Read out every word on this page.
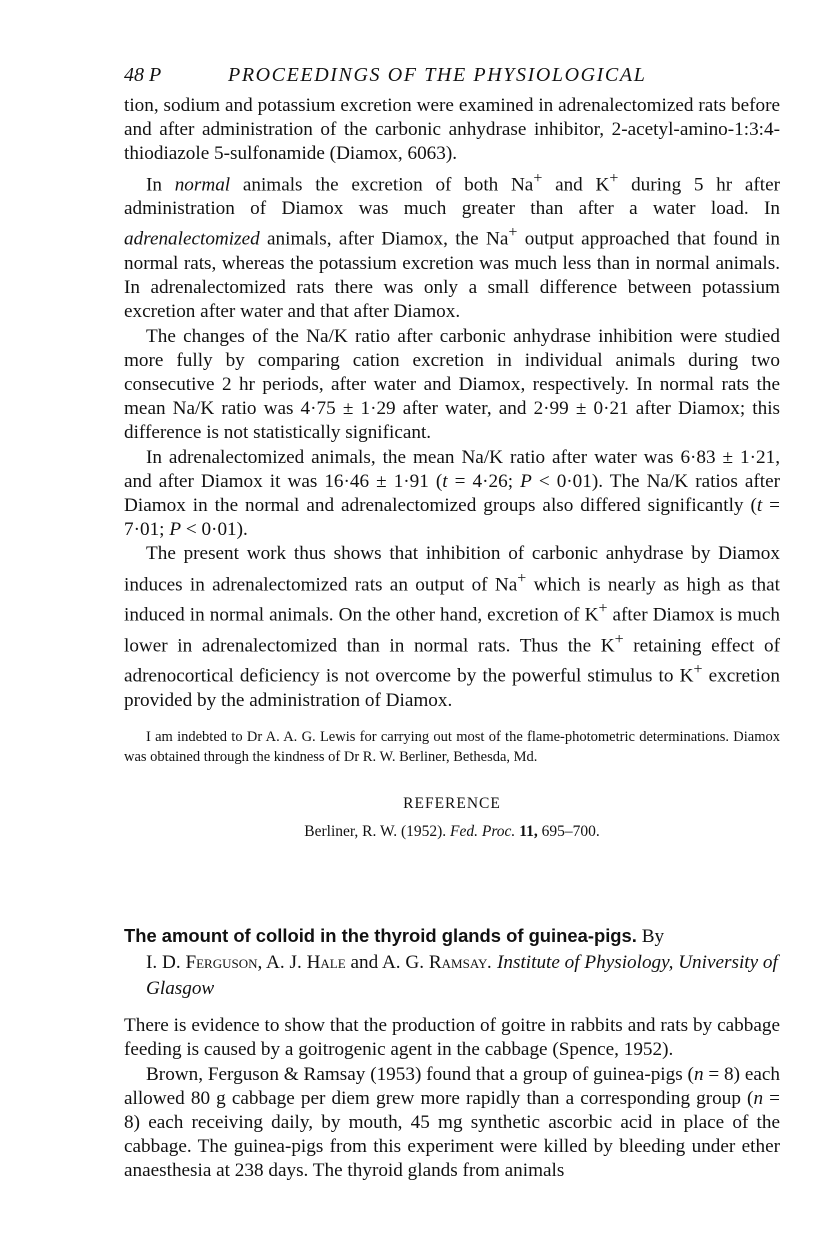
48 P	PROCEEDINGS OF THE PHYSIOLOGICAL

tion, sodium and potassium excretion were examined in adrenalectomized rats before and after administration of the carbonic anhydrase inhibitor, 2-acetyl-amino-1:3:4-thiodiazole 5-sulfonamide (Diamox, 6063).

In normal animals the excretion of both Na+ and K+ during 5 hr after administration of Diamox was much greater than after a water load. In adrenalectomized animals, after Diamox, the Na+ output approached that found in normal rats, whereas the potassium excretion was much less than in normal animals. In adrenalectomized rats there was only a small difference between potassium excretion after water and that after Diamox.

The changes of the Na/K ratio after carbonic anhydrase inhibition were studied more fully by comparing cation excretion in individual animals during two consecutive 2 hr periods, after water and Diamox, respectively. In normal rats the mean Na/K ratio was 4·75 ± 1·29 after water, and 2·99 ± 0·21 after Diamox; this difference is not statistically significant.

In adrenalectomized animals, the mean Na/K ratio after water was 6·83 ± 1·21, and after Diamox it was 16·46 ± 1·91 (t = 4·26; P < 0·01). The Na/K ratios after Diamox in the normal and adrenalectomized groups also differed significantly (t = 7·01; P < 0·01).

The present work thus shows that inhibition of carbonic anhydrase by Diamox induces in adrenalectomized rats an output of Na+ which is nearly as high as that induced in normal animals. On the other hand, excretion of K+ after Diamox is much lower in adrenalectomized than in normal rats. Thus the K+ retaining effect of adrenocortical deficiency is not overcome by the powerful stimulus to K+ excretion provided by the administration of Diamox.

I am indebted to Dr A. A. G. Lewis for carrying out most of the flame-photometric determinations. Diamox was obtained through the kindness of Dr R. W. Berliner, Bethesda, Md.

REFERENCE
Berliner, R. W. (1952). Fed. Proc. 11, 695–700.
The amount of colloid in the thyroid glands of guinea-pigs. By
I. D. Ferguson, A. J. Hale and A. G. Ramsay. Institute of Physiology, University of Glasgow

There is evidence to show that the production of goitre in rabbits and rats by cabbage feeding is caused by a goitrogenic agent in the cabbage (Spence, 1952).

Brown, Ferguson & Ramsay (1953) found that a group of guinea-pigs (n = 8) each allowed 80 g cabbage per diem grew more rapidly than a corresponding group (n = 8) each receiving daily, by mouth, 45 mg synthetic ascorbic acid in place of the cabbage. The guinea-pigs from this experiment were killed by bleeding under ether anaesthesia at 238 days. The thyroid glands from animals
